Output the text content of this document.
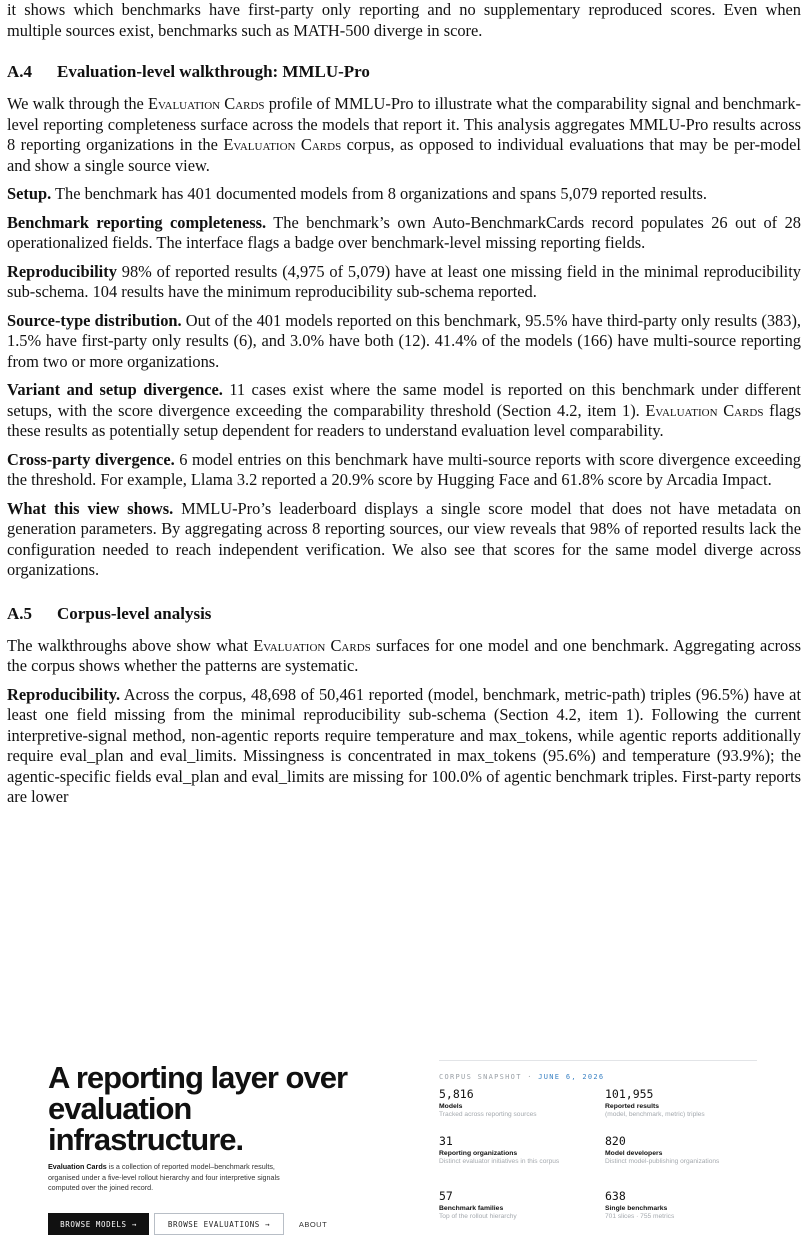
it shows which benchmarks have first-party only reporting and no supplementary reproduced scores. Even when multiple sources exist, benchmarks such as MATH-500 diverge in score.

A.4 Evaluation-level walkthrough: MMLU-Pro

We walk through the Evaluation Cards profile of MMLU-Pro to illustrate what the comparability signal and benchmark-level reporting completeness surface across the models that report it. This analysis aggregates MMLU-Pro results across 8 reporting organizations in the Evaluation Cards corpus, as opposed to individual evaluations that may be per-model and show a single source view.

Setup. The benchmark has 401 documented models from 8 organizations and spans 5,079 reported results.

Benchmark reporting completeness. The benchmark’s own Auto-BenchmarkCards record populates 26 out of 28 operationalized fields. The interface flags a badge over benchmark-level missing reporting fields.

Reproducibility 98% of reported results (4,975 of 5,079) have at least one missing field in the minimal reproducibility sub-schema. 104 results have the minimum reproducibility sub-schema reported.

Source-type distribution. Out of the 401 models reported on this benchmark, 95.5% have third-party only results (383), 1.5% have first-party only results (6), and 3.0% have both (12). 41.4% of the models (166) have multi-source reporting from two or more organizations.

Variant and setup divergence. 11 cases exist where the same model is reported on this benchmark under different setups, with the score divergence exceeding the comparability threshold (Section 4.2, item 1). Evaluation Cards flags these results as potentially setup dependent for readers to understand evaluation level comparability.

Cross-party divergence. 6 model entries on this benchmark have multi-source reports with score divergence exceeding the threshold. For example, Llama 3.2 reported a 20.9% score by Hugging Face and 61.8% score by Arcadia Impact.

What this view shows. MMLU-Pro’s leaderboard displays a single score model that does not have metadata on generation parameters. By aggregating across 8 reporting sources, our view reveals that 98% of reported results lack the configuration needed to reach independent verification. We also see that scores for the same model diverge across organizations.

A.5 Corpus-level analysis

The walkthroughs above show what Evaluation Cards surfaces for one model and one benchmark. Aggregating across the corpus shows whether the patterns are systematic.

Reproducibility. Across the corpus, 48,698 of 50,461 reported (model, benchmark, metric-path) triples (96.5%) have at least one field missing from the minimal reproducibility sub-schema (Section 4.2, item 1). Following the current interpretive-signal method, non-agentic reports require temperature and max_tokens, while agentic reports additionally require eval_plan and eval_limits. Missingness is concentrated in max_tokens (95.6%) and temperature (93.9%); the agentic-specific fields eval_plan and eval_limits are missing for 100.0% of agentic benchmark triples. First-party reports are lower

A reporting layer over evaluation infrastructure.

Evaluation Cards is a collection of reported model–benchmark results, organised under a five-level rollout hierarchy and four interpretive signals computed over the joined record.

BROWSE MODELS →	BROWSE EVALUATIONS →	ABOUT
CORPUS SNAPSHOT · JUNE 6, 2026
5,816
Models
Tracked across reporting sources
101,955
Reported results
(model, benchmark, metric) triples
31
Reporting organizations
Distinct evaluator initiatives in this corpus
820
Model developers
Distinct model-publishing organizations
57
Benchmark families
Top of the rollout hierarchy
638
Single benchmarks
701 slices · 755 metrics
